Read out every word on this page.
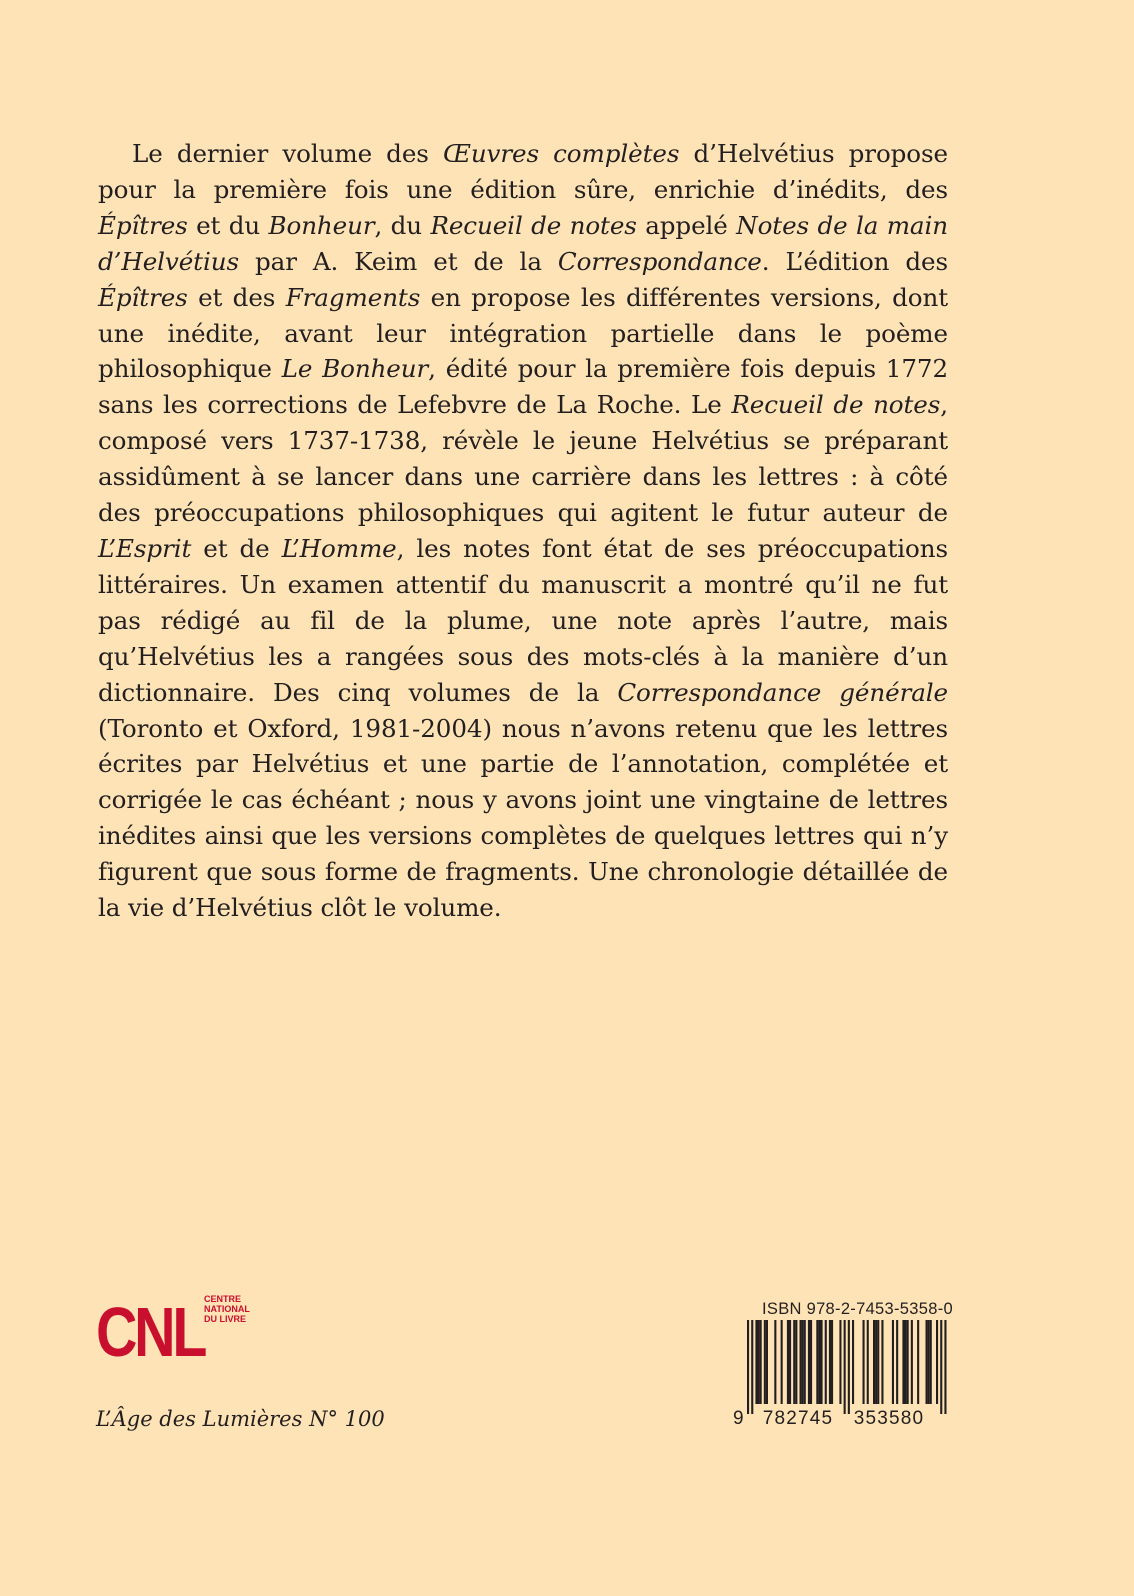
Le dernier volume des Œuvres complètes d’Helvétius propose pour la première fois une édition sûre, enrichie d’inédits, des Épîtres et du Bonheur, du Recueil de notes appelé Notes de la main d’Helvétius par A. Keim et de la Correspondance. L’édition des Épîtres et des Fragments en propose les différentes versions, dont une inédite, avant leur intégration partielle dans le poème philosophique Le Bonheur, édité pour la première fois depuis 1772 sans les corrections de Lefebvre de La Roche. Le Recueil de notes, composé vers 1737-1738, révèle le jeune Helvétius se préparant assidûment à se lancer dans une carrière dans les lettres : à côté des préoccupations philosophiques qui agitent le futur auteur de L’Esprit et de L’Homme, les notes font état de ses préoccupations littéraires. Un examen attentif du manuscrit a montré qu’il ne fut pas rédigé au fil de la plume, une note après l’autre, mais qu’Helvétius les a rangées sous des mots-clés à la manière d’un dictionnaire. Des cinq volumes de la Correspondance générale (Toronto et Oxford, 1981-2004) nous n’avons retenu que les lettres écrites par Helvétius et une partie de l’annotation, complétée et corrigée le cas échéant ; nous y avons joint une vingtaine de lettres inédites ainsi que les versions complètes de quelques lettres qui n’y figurent que sous forme de fragments. Une chronologie détaillée de la vie d’Helvétius clôt le volume.

CNL CENTRE
NATIONAL
DU LIVRE
L’Âge des Lumières N° 100
ISBN 978-2-7453-5358-0
9 782745 353580
